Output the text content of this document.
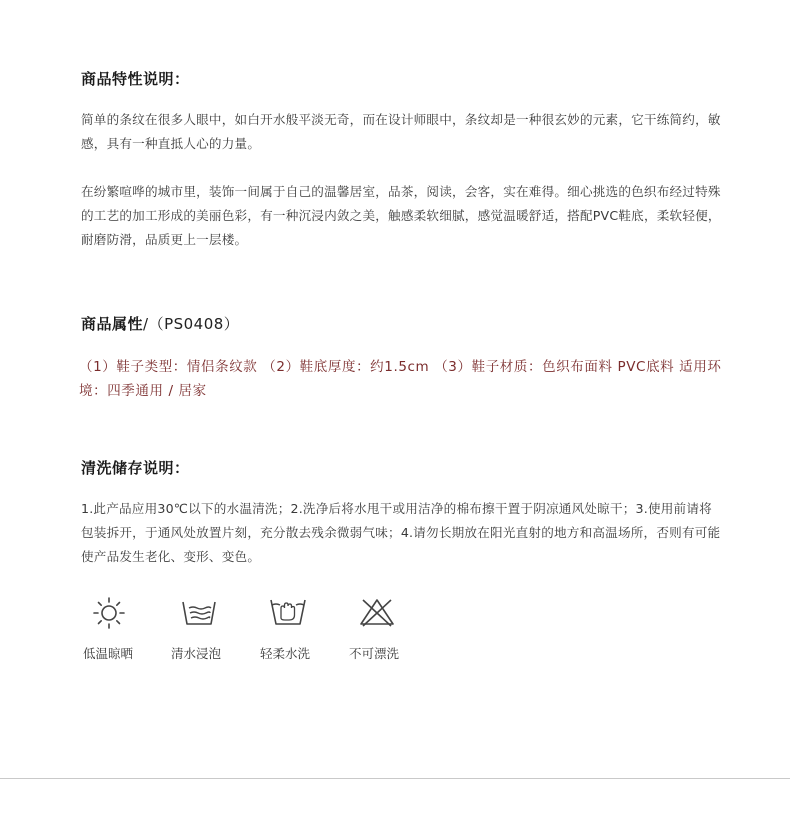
商品特性说明：

简单的条纹在很多人眼中，如白开水般平淡无奇，而在设计师眼中，条纹却是一种很玄妙的元素，它干练简约，敏感，具有一种直抵人心的力量。

在纷繁喧哗的城市里，装饰一间属于自己的温馨居室，品茶，阅读，会客，实在难得。细心挑选的色织布经过特殊的工艺的加工形成的美丽色彩，有一种沉浸内敛之美，触感柔软细腻，感觉温暖舒适，搭配PVC鞋底，柔软轻便，耐磨防滑，品质更上一层楼。

商品属性/（PS0408）

（1）鞋子类型：情侣条纹款 （2）鞋底厚度：约1.5cm （3）鞋子材质：色织布面料 PVC底料 适用环境：四季通用 / 居家

清洗储存说明：

1.此产品应用30℃以下的水温清洗；2.洗净后将水甩干或用洁净的棉布擦干置于阴凉通风处晾干；3.使用前请将包装拆开，于通风处放置片刻，充分散去残余微弱气味；4.请勿长期放在阳光直射的地方和高温场所，否则有可能使产品发生老化、变形、变色。

低温晾晒	清水浸泡	轻柔水洗	不可漂洗
